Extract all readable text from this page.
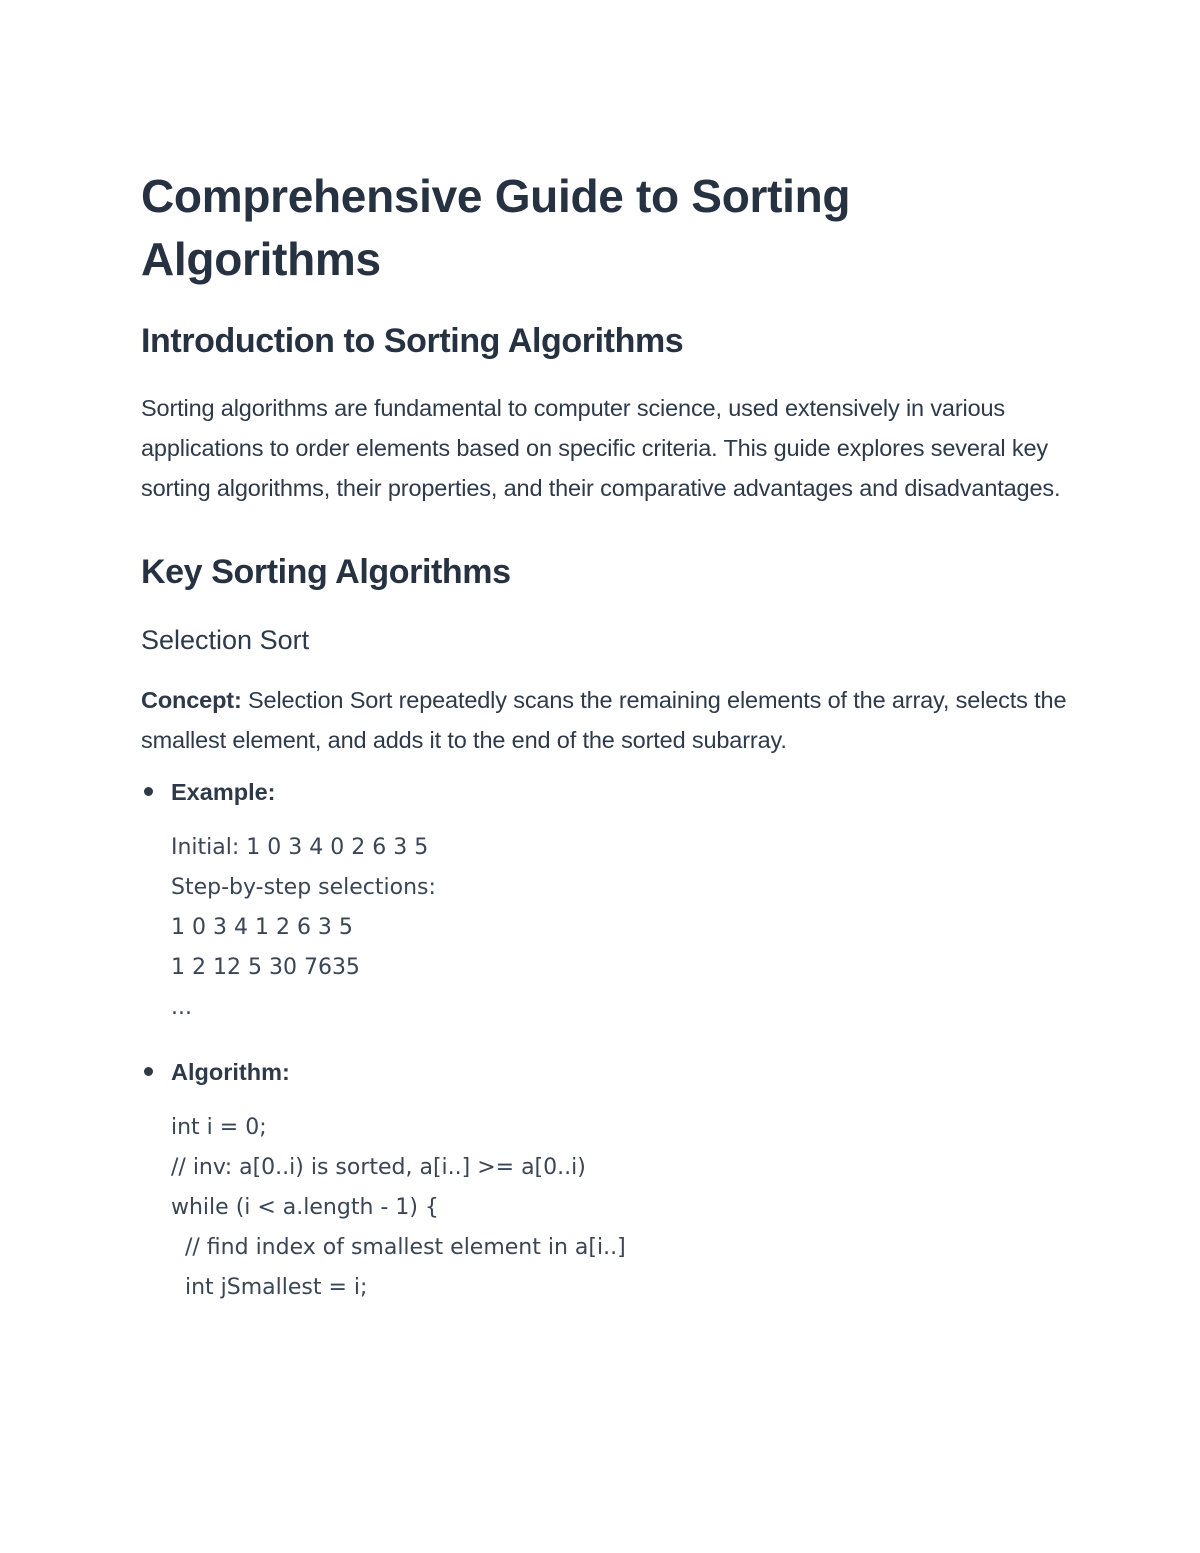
Comprehensive Guide to Sorting Algorithms
Introduction to Sorting Algorithms

Sorting algorithms are fundamental to computer science, used extensively in various applications to order elements based on specific criteria. This guide explores several key sorting algorithms, their properties, and their comparative advantages and disadvantages.

Key Sorting Algorithms
Selection Sort

Concept: Selection Sort repeatedly scans the remaining elements of the array, selects the smallest element, and adds it to the end of the sorted subarray.

Example:
Initial: 1 0 3 4 0 2 6 3 5
Step-by-step selections:
1 0 3 4 1 2 6 3 5
1 2 12 5 30 7635
...
Algorithm:
int i = 0;
// inv: a[0..i) is sorted, a[i..] >= a[0..i)
while (i < a.length - 1) {
// find index of smallest element in a[i..]
int jSmallest = i;
